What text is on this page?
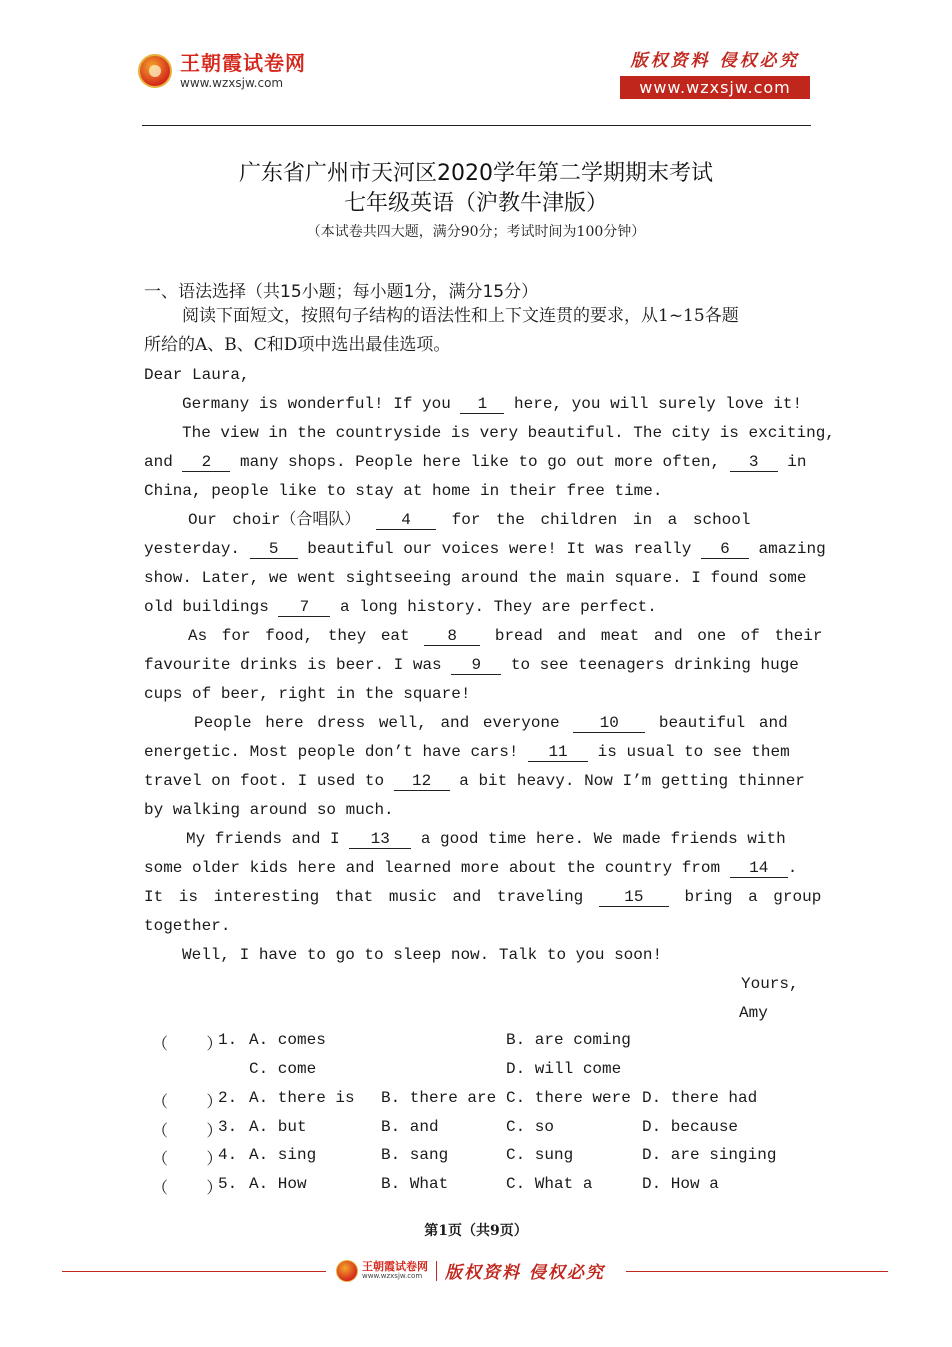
王朝霞试卷网
www.wzxsjw.com
版权资料 侵权必究
www.wzxsjw.com
广东省广州市天河区2020学年第二学期期末考试
七年级英语（沪教牛津版）
（本试卷共四大题，满分90分；考试时间为100分钟）
一、语法选择（共15小题；每小题1分，满分15分）
阅读下面短文，按照句子结构的语法性和上下文连贯的要求，从1~15各题
所给的A、B、C和D项中选出最佳选项。
Dear Laura,
Germany is wonderful! If you 1 here, you will surely love it!
The view in the countryside is very beautiful. The city is exciting,
and 2 many shops. People here like to go out more often, 3 in
China, people like to stay at home in their free time.
Our choir（合唱队） 4 for the children in a school
yesterday. 5 beautiful our voices were! It was really 6 amazing
show. Later, we went sightseeing around the main square. I found some
old buildings 7 a long history. They are perfect.
As for food, they eat 8 bread and meat and one of their
favourite drinks is beer. I was 9 to see teenagers drinking huge
cups of beer, right in the square!
People here dress well, and everyone 10 beautiful and
energetic. Most people don’t have cars! 11 is usual to see them
travel on foot. I used to 12 a bit heavy. Now I’m getting thinner
by walking around so much.
My friends and I 13 a good time here. We made friends with
some older kids here and learned more about the country from 14 .
It is interesting that music and traveling 15 bring a group
together.
Well, I have to go to sleep now. Talk to you soon!
Yours,
Amy
（    ）
1. A. comes	B. are coming
C. come	D. will come
（    ）
2. A. there is B. there are C. there were D. there had
（    ）
3. A. but	B. and	C. so	D. because
（    ）
4. A. sing	B. sang	C. sung	D. are singing
（    ）
5. A. How	B. What	C. What a	D. How a
第1页（共9页）
王朝霞试卷网
www.wzxsjw.com	版权资料 侵权必究
